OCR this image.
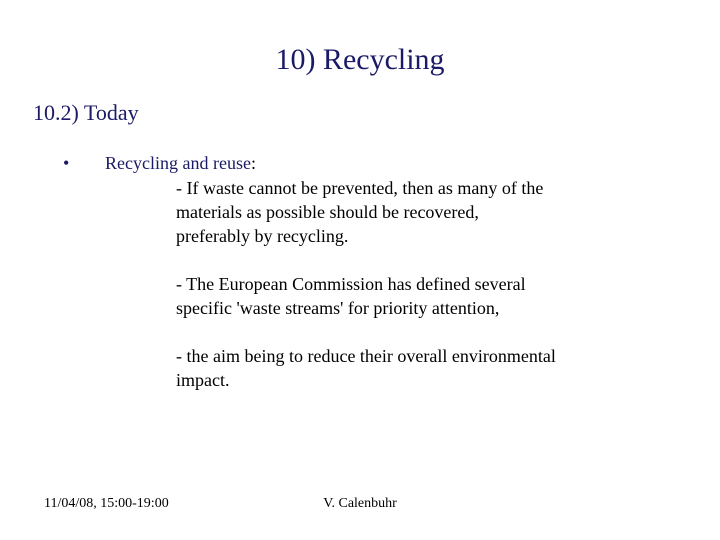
10) Recycling
10.2) Today
• Recycling and reuse:
- If waste cannot be prevented, then as many of the
materials as possible should be recovered,
preferably by recycling.
- The European Commission has defined several
specific 'waste streams' for priority attention,
- the aim being to reduce their overall environmental
impact.
11/04/08, 15:00-19:00	V. Calenbuhr
